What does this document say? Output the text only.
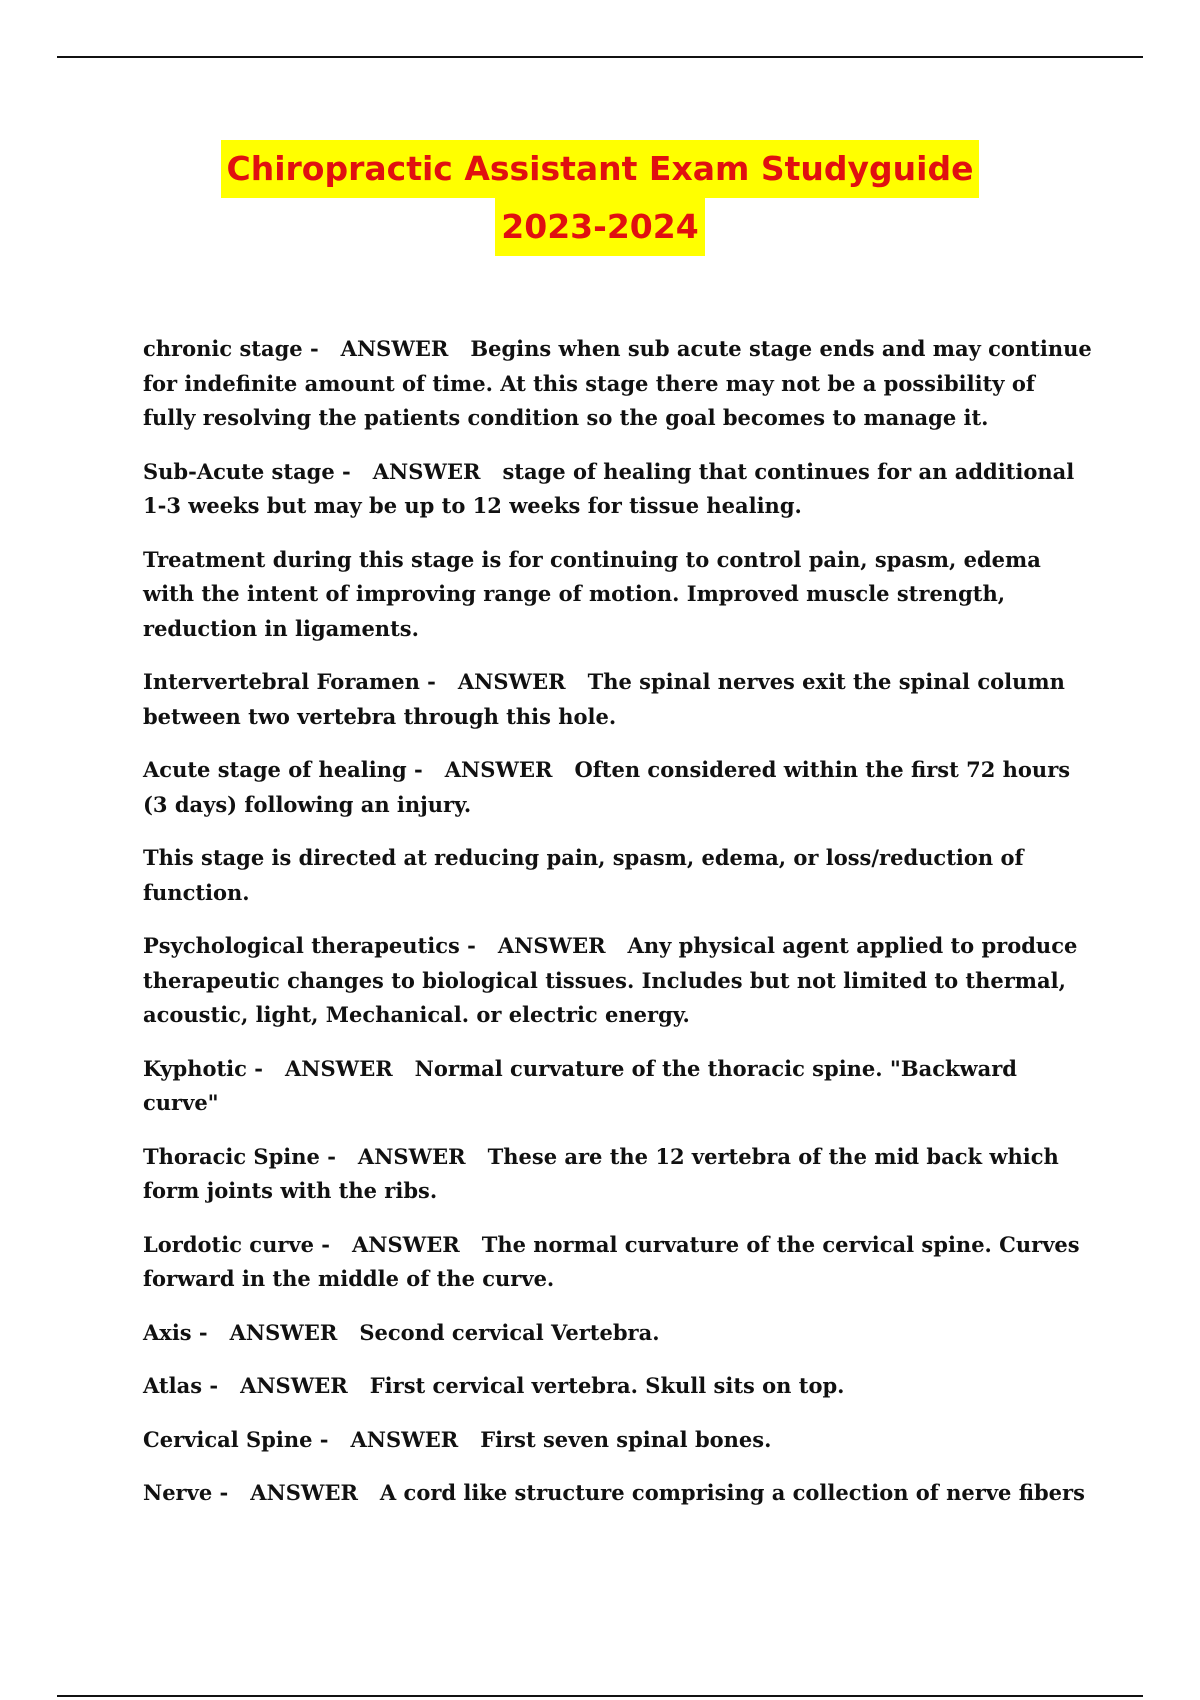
Chiropractic Assistant Exam Studyguide
2023-2024

chronic stage - ANSWER Begins when sub acute stage ends and may continue for indefinite amount of time. At this stage there may not be a possibility of fully resolving the patients condition so the goal becomes to manage it.

Sub-Acute stage - ANSWER stage of healing that continues for an additional 1-3 weeks but may be up to 12 weeks for tissue healing.

Treatment during this stage is for continuing to control pain, spasm, edema with the intent of improving range of motion. Improved muscle strength, reduction in ligaments.

Intervertebral Foramen - ANSWER The spinal nerves exit the spinal column between two vertebra through this hole.

Acute stage of healing - ANSWER Often considered within the first 72 hours (3 days) following an injury.

This stage is directed at reducing pain, spasm, edema, or loss/reduction of function.

Psychological therapeutics - ANSWER Any physical agent applied to produce therapeutic changes to biological tissues. Includes but not limited to thermal, acoustic, light, Mechanical. or electric energy.

Kyphotic - ANSWER Normal curvature of the thoracic spine. "Backward curve"

Thoracic Spine - ANSWER These are the 12 vertebra of the mid back which form joints with the ribs.

Lordotic curve - ANSWER The normal curvature of the cervical spine. Curves forward in the middle of the curve.

Axis - ANSWER Second cervical Vertebra.

Atlas - ANSWER First cervical vertebra. Skull sits on top.

Cervical Spine - ANSWER First seven spinal bones.

Nerve - ANSWER A cord like structure comprising a collection of nerve fibers
